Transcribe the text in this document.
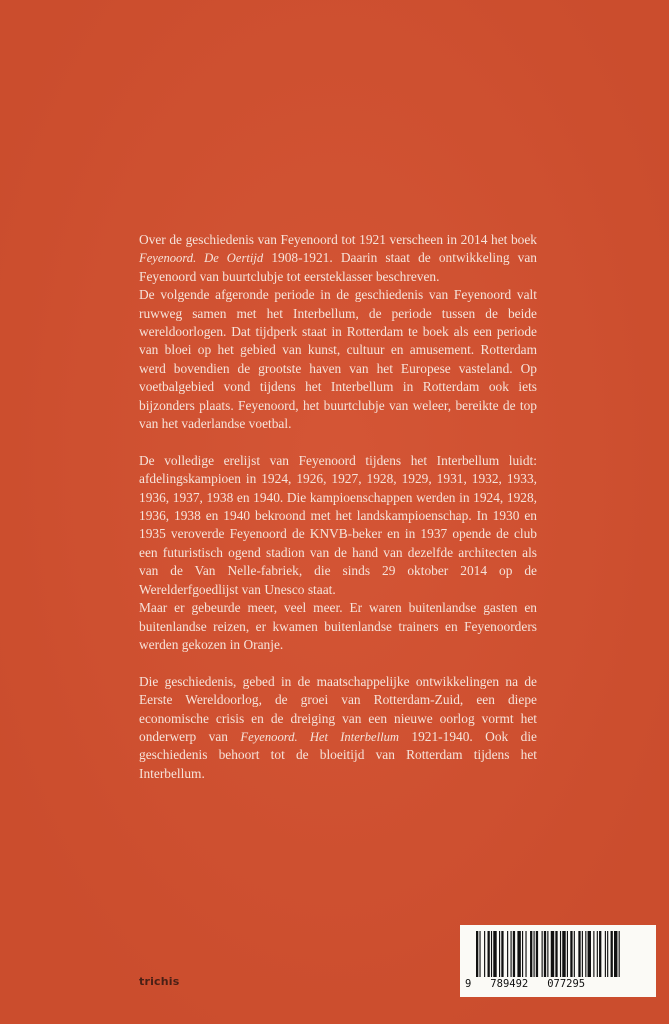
Over de geschiedenis van Feyenoord tot 1921 verscheen in 2014 het boek Feyenoord. De Oertijd 1908-1921. Daarin staat de ontwikkeling van Feyenoord van buurtclubje tot eersteklasser beschreven.

De volgende afgeronde periode in de geschiedenis van Feyenoord valt ruwweg samen met het Interbellum, de periode tussen de beide wereldoorlogen. Dat tijdperk staat in Rotterdam te boek als een periode van bloei op het gebied van kunst, cultuur en amusement. Rotterdam werd bovendien de grootste haven van het Europese vasteland. Op voetbalgebied vond tijdens het Interbellum in Rotterdam ook iets bijzonders plaats. Feyenoord, het buurtclubje van weleer, bereikte de top van het vaderlandse voetbal.

De volledige erelijst van Feyenoord tijdens het Interbellum luidt: afdelingskampioen in 1924, 1926, 1927, 1928, 1929, 1931, 1932, 1933, 1936, 1937, 1938 en 1940. Die kampioenschappen werden in 1924, 1928, 1936, 1938 en 1940 bekroond met het landskampioenschap. In 1930 en 1935 veroverde Feyenoord de KNVB-beker en in 1937 opende de club een futuristisch ogend stadion van de hand van dezelfde architecten als van de Van Nelle-fabriek, die sinds 29 oktober 2014 op de Werelderfgoedlijst van Unesco staat.

Maar er gebeurde meer, veel meer. Er waren buitenlandse gasten en buitenlandse reizen, er kwamen buitenlandse trainers en Feyenoorders werden gekozen in Oranje.

Die geschiedenis, gebed in de maatschappelijke ontwikkelingen na de Eerste Wereldoorlog, de groei van Rotterdam-Zuid, een diepe economische crisis en de dreiging van een nieuwe oorlog vormt het onderwerp van Feyenoord. Het Interbellum 1921-1940. Ook die geschiedenis behoort tot de bloeitijd van Rotterdam tijdens het Interbellum.

trichis	9 789492 077295
